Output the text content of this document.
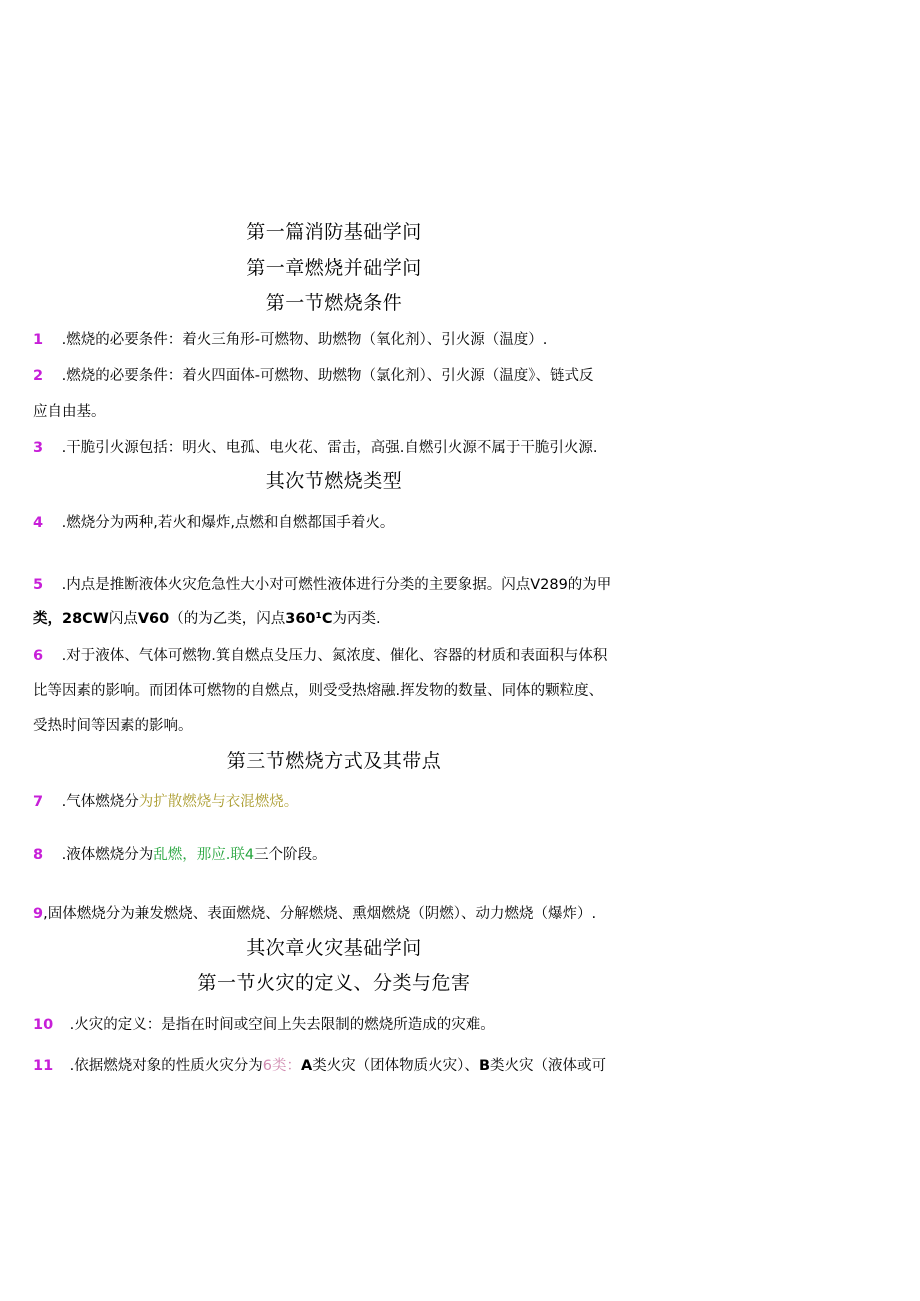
第一篇消防基础学问
第一章燃烧并础学问
第一节燃烧条件
1 .燃烧的必要条件：着火三角形-可燃物、助燃物（氧化剂）、引火源（温度）.
2 .燃烧的必要条件：着火四面体-可燃物、助燃物（氯化剂）、引火源（温度》、链式反
应自由基。
3 .干脆引火源包括：明火、电孤、电火花、雷击，高强.自燃引火源不属于干脆引火源.
其次节燃烧类型
4 .燃烧分为两种,若火和爆炸,点燃和自燃都国手着火。
5 .内点是推断液体火灾危急性大小对可燃性液体进行分类的主要象据。闪点V289的为甲
类，28CW闪点V60（的为乙类，闪点360¹C为丙类.
6 .对于液体、气体可燃物.箕自燃点殳压力、氮浓度、催化、容器的材质和表面积与体积
比等因素的影响。而团体可燃物的自燃点，则受受热熔融.挥发物的数量、同体的颗粒度、
受热时间等因素的影响。
第三节燃烧方式及其带点
7 .气体燃烧分为扩散燃烧与衣混燃烧。
8 .液体燃烧分为乱燃，那应.联4三个阶段。
9,固体燃烧分为兼发燃烧、表面燃烧、分解燃烧、熏烟燃烧（阴燃）、动力燃烧（爆炸）.
其次章火灾基础学问
第一节火灾的定义、分类与危害
10 .火灾的定义：是指在时间或空间上失去限制的燃烧所造成的灾难。
11 .依据燃烧对象的性质火灾分为6类：A类火灾（团体物质火灾）、B类火灾（液体或可
